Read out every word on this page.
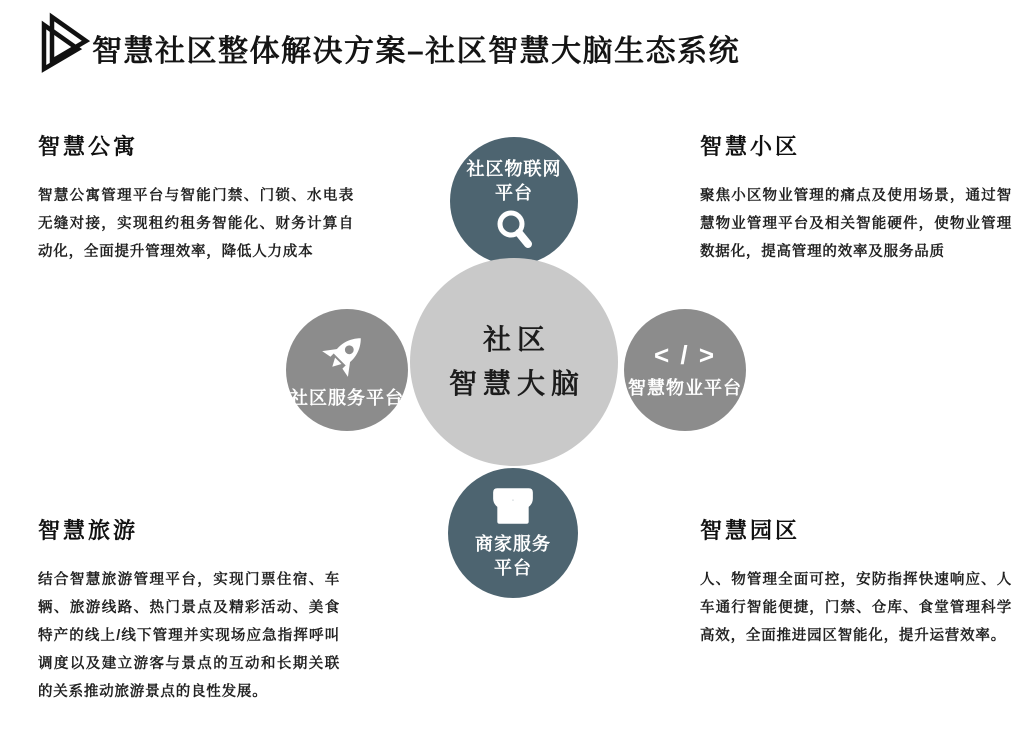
智慧社区整体解决方案–社区智慧大脑生态系统
智慧公寓

智慧公寓管理平台与智能门禁、门锁、水电表无缝对接，实现租约租务智能化、财务计算自动化，全面提升管理效率，降低人力成本

智慧小区

聚焦小区物业管理的痛点及使用场景，通过智慧物业管理平台及相关智能硬件，使物业管理数据化，提高管理的效率及服务品质

智慧旅游

结合智慧旅游管理平台，实现门票住宿、车辆、旅游线路、热门景点及精彩活动、美食特产的线上/线下管理并实现场应急指挥呼叫调度以及建立游客与景点的互动和长期关联的关系推动旅游景点的良性发展。

智慧园区

人、物管理全面可控，安防指挥快速响应、人车通行智能便捷，门禁、仓库、食堂管理科学高效，全面推进园区智能化，提升运营效率。

社区物联网
平台
社区服务平台
< / >
智慧物业平台
商家服务
平台
社区
智慧大脑
